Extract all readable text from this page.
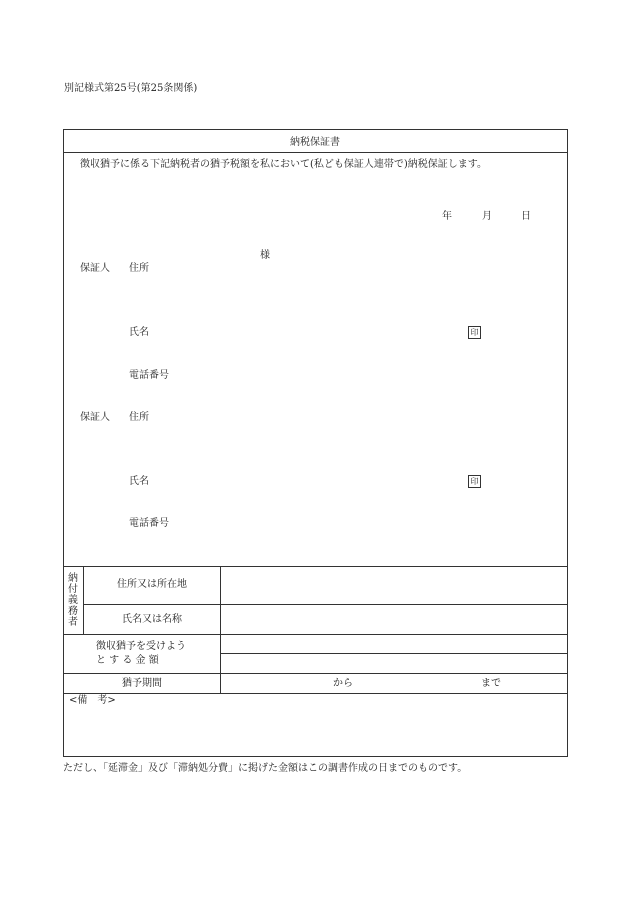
別記様式第25号(第25条関係)
納税保証書
徴収猶予に係る下記納税者の猶予税額を私において(私ども保証人連帯で)納税保証します。
年	月	日
様
保証人 住所
氏名	印
電話番号
保証人 住所
氏名	印
電話番号
納付義務者
住所又は所在地
氏名又は名称
徴収猶予を受けよう
と す る 金 額
猶予期間	から	まで
<備　考>
ただし、「延滞金」及び「滞納処分費」に掲げた金額はこの調書作成の日までのものです。
